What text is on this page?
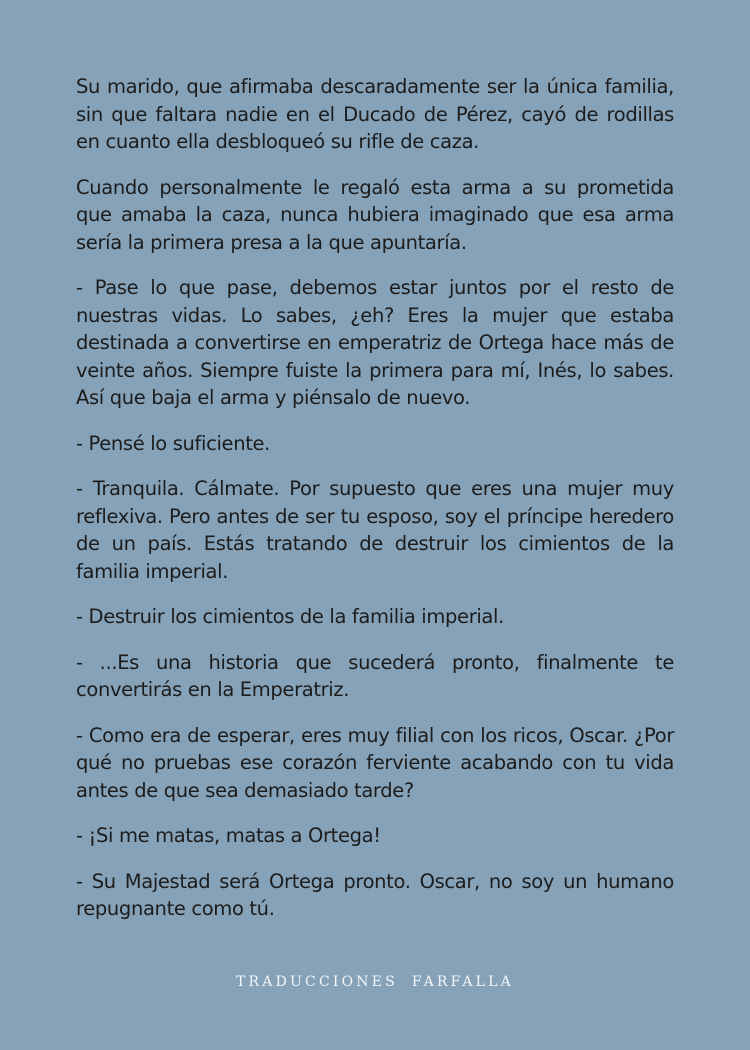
Su marido, que afirmaba descaradamente ser la única familia, sin que faltara nadie en el Ducado de Pérez, cayó de rodillas en cuanto ella desbloqueó su rifle de caza.

Cuando personalmente le regaló esta arma a su prometida que amaba la caza, nunca hubiera imaginado que esa arma sería la primera presa a la que apuntaría.

- Pase lo que pase, debemos estar juntos por el resto de nuestras vidas. Lo sabes, ¿eh? Eres la mujer que estaba destinada a convertirse en emperatriz de Ortega hace más de veinte años. Siempre fuiste la primera para mí, Inés, lo sabes. Así que baja el arma y piénsalo de nuevo.

- Pensé lo suficiente.

- Tranquila. Cálmate. Por supuesto que eres una mujer muy reflexiva. Pero antes de ser tu esposo, soy el príncipe heredero de un país. Estás tratando de destruir los cimientos de la familia imperial.

- Destruir los cimientos de la familia imperial.

- ...Es una historia que sucederá pronto, finalmente te convertirás en la Emperatriz.

- Como era de esperar, eres muy filial con los ricos, Oscar. ¿Por qué no pruebas ese corazón ferviente acabando con tu vida antes de que sea demasiado tarde?

- ¡Si me matas, matas a Ortega!

- Su Majestad será Ortega pronto. Oscar, no soy un humano repugnante como tú.

TRADUCCIONES FARFALLA
